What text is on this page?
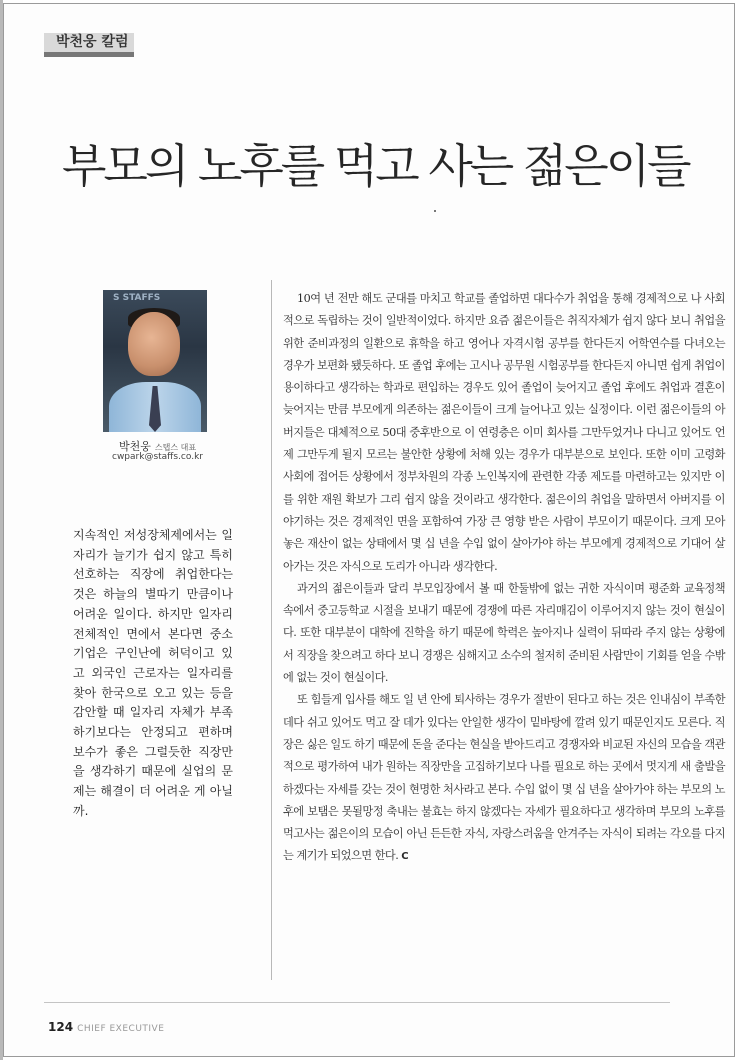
박천웅 칼럼
부모의 노후를 먹고 사는 젊은이들
S STAFFS
박천웅 스탭스 대표
cwpark@staffs.co.kr

지속적인 저성장체제에서는 일자리가 늘기가 쉽지 않고 특히 선호하는 직장에 취업한다는 것은 하늘의 별따기 만큼이나 어려운 일이다. 하지만 일자리 전체적인 면에서 본다면 중소기업은 구인난에 허덕이고 있고 외국인 근로자는 일자리를 찾아 한국으로 오고 있는 등을 감안할 때 일자리 자체가 부족하기보다는 안정되고 편하며 보수가 좋은 그럴듯한 직장만을 생각하기 때문에 실업의 문제는 해결이 더 어려운 게 아닐까.

10여 년 전만 해도 군대를 마치고 학교를 졸업하면 대다수가 취업을 통해 경제적으로 나 사회적으로 독립하는 것이 일반적이었다. 하지만 요즘 젊은이들은 취직자체가 쉽지 않다 보니 취업을 위한 준비과정의 일환으로 휴학을 하고 영어나 자격시험 공부를 한다든지 어학연수를 다녀오는 경우가 보편화 됐듯하다. 또 졸업 후에는 고시나 공무원 시험공부를 한다든지 아니면 쉽게 취업이 용이하다고 생각하는 학과로 편입하는 경우도 있어 졸업이 늦어지고 졸업 후에도 취업과 결혼이 늦어지는 만큼 부모에게 의존하는 젊은이들이 크게 늘어나고 있는 실정이다. 이런 젊은이들의 아버지들은 대체적으로 50대 중후반으로 이 연령층은 이미 회사를 그만두었거나 다니고 있어도 언제 그만두게 될지 모르는 불안한 상황에 처해 있는 경우가 대부분으로 보인다. 또한 이미 고령화사회에 접어든 상황에서 정부차원의 각종 노인복지에 관련한 각종 제도를 마련하고는 있지만 이를 위한 재원 확보가 그리 쉽지 않을 것이라고 생각한다. 젊은이의 취업을 말하면서 아버지를 이야기하는 것은 경제적인 면을 포함하여 가장 큰 영향 받은 사람이 부모이기 때문이다. 크게 모아놓은 재산이 없는 상태에서 몇 십 년을 수입 없이 살아가야 하는 부모에게 경제적으로 기대어 살아가는 것은 자식으로 도리가 아니라 생각한다.

과거의 젊은이들과 달리 부모입장에서 볼 때 한둘밖에 없는 귀한 자식이며 평준화 교육정책 속에서 중고등학교 시절을 보내기 때문에 경쟁에 따른 자리매김이 이루어지지 않는 것이 현실이다. 또한 대부분이 대학에 진학을 하기 때문에 학력은 높아지나 실력이 뒤따라 주지 않는 상황에서 직장을 찾으려고 하다 보니 경쟁은 심해지고 소수의 철저히 준비된 사람만이 기회를 얻을 수밖에 없는 것이 현실이다.

또 힘들게 입사를 해도 일 년 안에 퇴사하는 경우가 절반이 된다고 하는 것은 인내심이 부족한데다 쉬고 있어도 먹고 잘 데가 있다는 안일한 생각이 밑바탕에 깔려 있기 때문인지도 모른다. 직장은 싫은 일도 하기 때문에 돈을 준다는 현실을 받아드리고 경쟁자와 비교된 자신의 모습을 객관적으로 평가하여 내가 원하는 직장만을 고집하기보다 나를 필요로 하는 곳에서 멋지게 새 출발을 하겠다는 자세를 갖는 것이 현명한 처사라고 본다. 수입 없이 몇 십 년을 살아가야 하는 부모의 노후에 보탬은 못될망정 축내는 불효는 하지 않겠다는 자세가 필요하다고 생각하며 부모의 노후를 먹고사는 젊은이의 모습이 아닌 든든한 자식, 자랑스러움을 안겨주는 자식이 되려는 각오를 다지는 계기가 되었으면 한다. C

124 CHIEF EXECUTIVE
